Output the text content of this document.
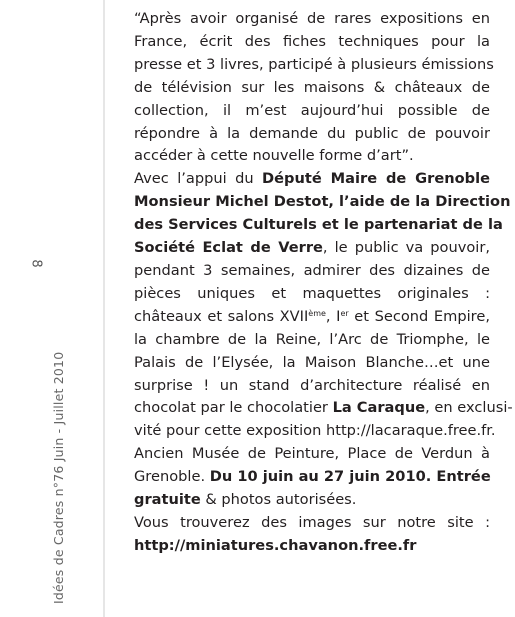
8
Idées de Cadres n°76 Juin - Juillet 2010

“Après avoir organisé de rares expositions en
France, écrit des fiches techniques pour la
presse et 3 livres, participé à plusieurs émissions
de télévision sur les maisons & châteaux de
collection, il m’est aujourd’hui possible de
répondre à la demande du public de pouvoir
accéder à cette nouvelle forme d’art”.

Avec l’appui du Député Maire de Grenoble
Monsieur Michel Destot, l’aide de la Direction
des Services Culturels et le partenariat de la
Société Eclat de Verre, le public va pouvoir,
pendant 3 semaines, admirer des dizaines de
pièces uniques et maquettes originales :
châteaux et salons XVIIème, Ier et Second Empire,
la chambre de la Reine, l’Arc de Triomphe, le
Palais de l’Elysée, la Maison Blanche…et une
surprise ! un stand d’architecture réalisé en
chocolat par le chocolatier La Caraque, en exclusi-
vité pour cette exposition http://lacaraque.free.fr.
Ancien Musée de Peinture, Place de Verdun à
Grenoble. Du 10 juin au 27 juin 2010. Entrée
gratuite & photos autorisées.

Vous trouverez des images sur notre site :
http://miniatures.chavanon.free.fr
